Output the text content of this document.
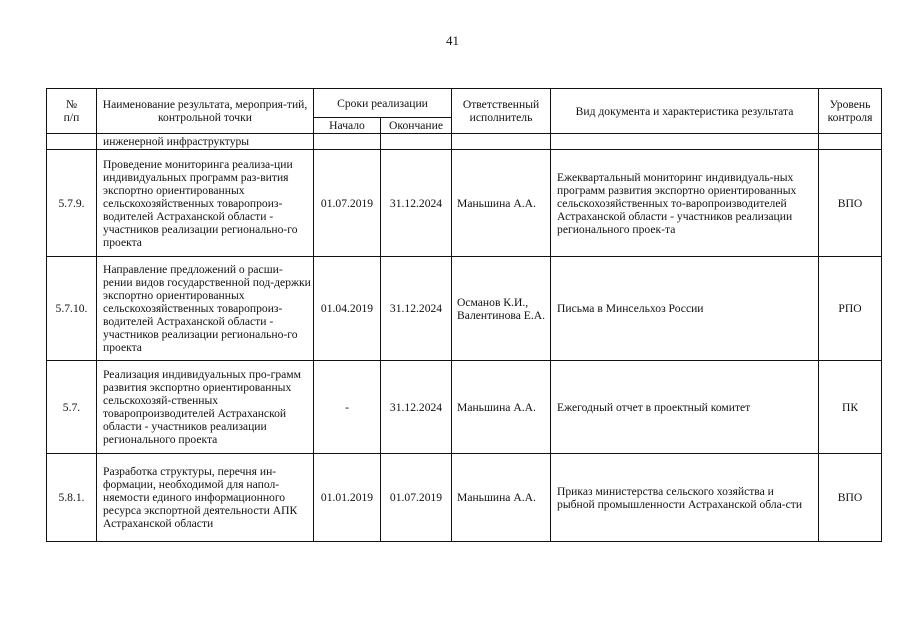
41
№
п/п	Наименование результата, мероприя-тий, контрольной точки	Сроки реализации		Ответственный исполнитель	Вид документа и характеристика результата	Уровень контроля
		Начало	Окончание			
	инженерной инфраструктуры					
5.7.9.	Проведение мониторинга реализа-ции индивидуальных программ раз-вития экспортно ориентированных сельскохозяйственных товаропроиз-водителей Астраханской области - участников реализации регионально-го проекта	01.07.2019	31.12.2024	Маньшина А.А.	Ежеквартальный мониторинг индивидуаль-ных программ развития экспортно ориентированных сельскохозяйственных то-варопроизводителей Астраханской области - участников реализации регионального проек-та	ВПО
5.7.10.	Направление предложений о расши-рении видов государственной под-держки экспортно ориентированных сельскохозяйственных товаропроиз-водителей Астраханской области - участников реализации регионально-го проекта	01.04.2019	31.12.2024	Османов К.И., Валентинова Е.А.	Письма в Минсельхоз России	РПО
5.7.	Реализация индивидуальных про-грамм развития экспортно ориентированных сельскохозяй-ственных товаропроизводителей Астраханской области - участников реализации регионального проекта	-	31.12.2024	Маньшина А.А.	Ежегодный отчет в проектный комитет	ПК
5.8.1.	Разработка структуры, перечня ин-формации, необходимой для напол-няемости единого информационного ресурса экспортной деятельности АПК Астраханской области	01.01.2019	01.07.2019	Маньшина А.А.	Приказ министерства сельского хозяйства и рыбной промышленности Астраханской обла-сти	ВПО
